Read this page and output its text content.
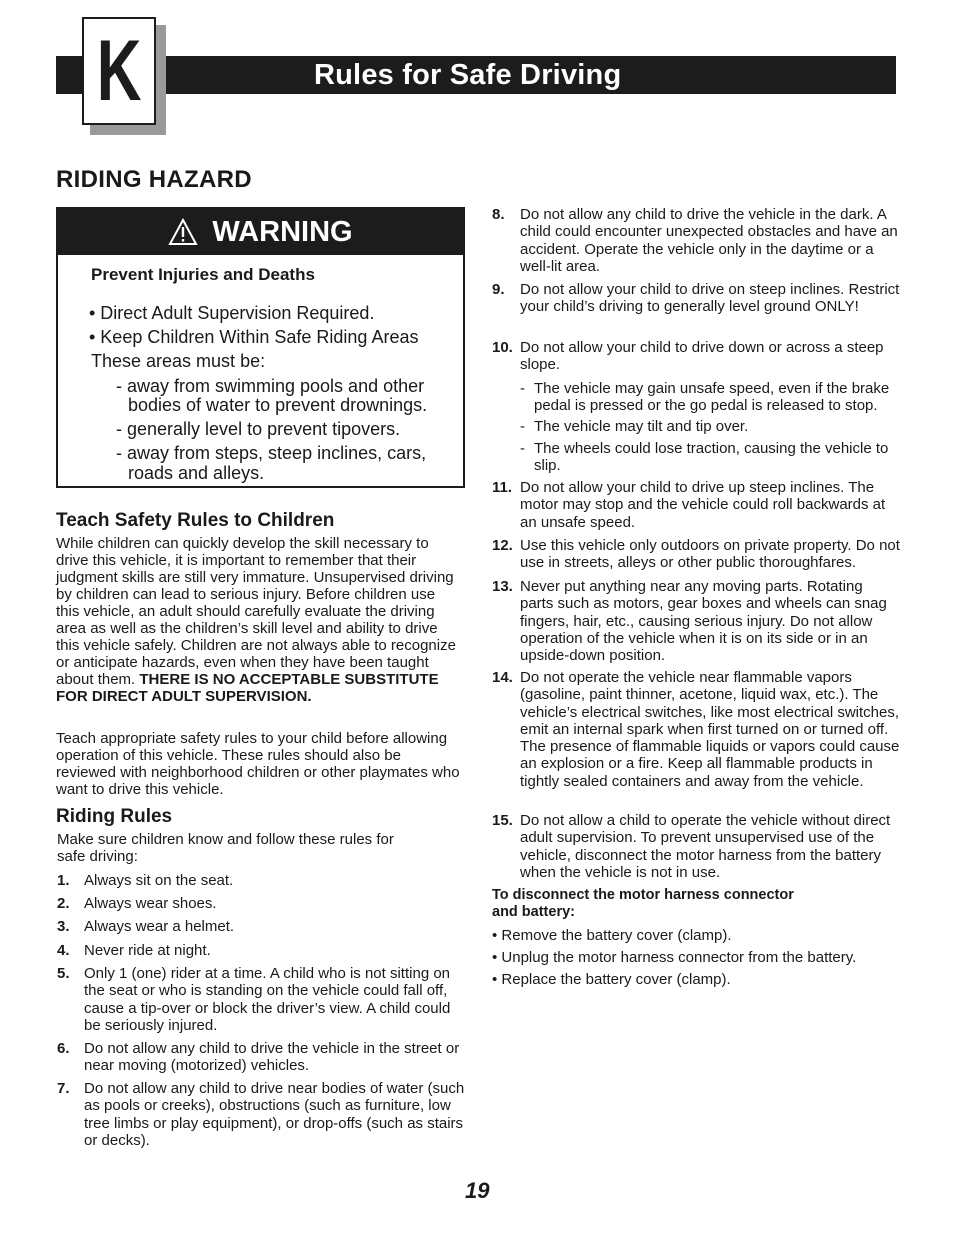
Rules for Safe Driving
K
RIDING HAZARD
WARNING
Prevent Injuries and Deaths
• Direct Adult Supervision Required.
• Keep Children Within Safe Riding Areas
These areas must be:
- away from swimming pools and other
bodies of water to prevent drownings.
- generally level to prevent tipovers.
- away from steps, steep inclines, cars,
roads and alleys.
Teach Safety Rules to Children

While children can quickly develop the skill necessary to drive this vehicle, it is important to remember that their judgment skills are still very immature. Unsupervised driving by children can lead to serious injury. Before children use this vehicle, an adult should carefully evaluate the driving area as well as the children’s skill level and ability to drive this vehicle safely. Children are not always able to recognize or anticipate hazards, even when they have been taught about them. THERE IS NO ACCEPTABLE SUBSTITUTE FOR DIRECT ADULT SUPERVISION.

Teach appropriate safety rules to your child before allowing operation of this vehicle. These rules should also be reviewed with neighborhood children or other playmates who want to drive this vehicle.

Riding Rules
Make sure children know and follow these rules for
safe driving:
1. Always sit on the seat.
2. Always wear shoes.
3. Always wear a helmet.
4. Never ride at night.
5. Only 1 (one) rider at a time. A child who is not sitting on the seat or who is standing on the vehicle could fall off, cause a tip-over or block the driver’s view. A child could be seriously injured.
6. Do not allow any child to drive the vehicle in the street or near moving (motorized) vehicles.
7. Do not allow any child to drive near bodies of water (such as pools or creeks), obstructions (such as furniture, low tree limbs or play equipment), or drop-offs (such as stairs or decks).
8. Do not allow any child to drive the vehicle in the dark. A child could encounter unexpected obstacles and have an accident. Operate the vehicle only in the daytime or a well-lit area.
9. Do not allow your child to drive on steep inclines. Restrict your child’s driving to generally level ground ONLY!
10. Do not allow your child to drive down or across a steep slope.
11. Do not allow your child to drive up steep inclines. The motor may stop and the vehicle could roll backwards at an unsafe speed.
12. Use this vehicle only outdoors on private property. Do not use in streets, alleys or other public thoroughfares.
13. Never put anything near any moving parts. Rotating parts such as motors, gear boxes and wheels can snag fingers, hair, etc., causing serious injury. Do not allow operation of the vehicle when it is on its side or in an upside-down position.
14. Do not operate the vehicle near flammable vapors (gasoline, paint thinner, acetone, liquid wax, etc.). The vehicle’s electrical switches, like most electrical switches, emit an internal spark when first turned on or turned off. The presence of flammable liquids or vapors could cause an explosion or a fire. Keep all flammable products in tightly sealed containers and away from the vehicle.
15. Do not allow a child to operate the vehicle without direct adult supervision. To prevent unsupervised use of the vehicle, disconnect the motor harness from the battery when the vehicle is not in use.
- The vehicle may gain unsafe speed, even if the brake pedal is pressed or the go pedal is released to stop.
- The vehicle may tilt and tip over.
- The wheels could lose traction, causing the vehicle to slip.
To disconnect the motor harness connector
and battery:
• Remove the battery cover (clamp).
• Unplug the motor harness connector from the battery.
• Replace the battery cover (clamp).
19
